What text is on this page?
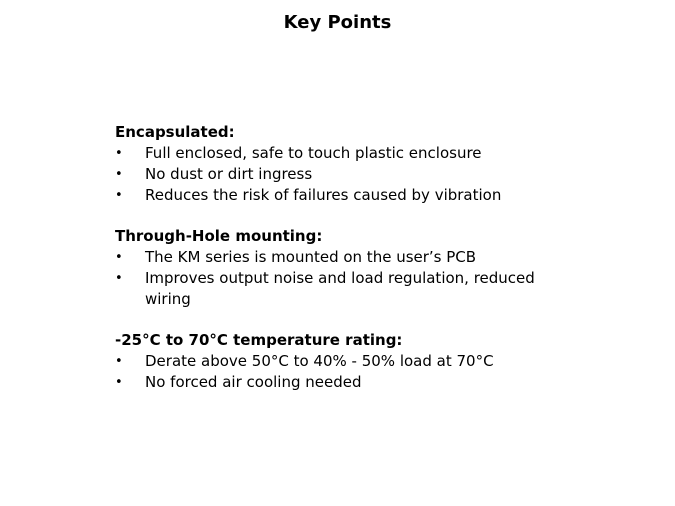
Key Points
Encapsulated:
•	Full enclosed, safe to touch plastic enclosure
•	No dust or dirt ingress
•	Reduces the risk of failures caused by vibration
Through-Hole mounting:
•	The KM series is mounted on the user’s PCB
•	Improves output noise and load regulation, reduced wiring
-25°C to 70°C temperature rating:
•	Derate above 50°C to 40% - 50% load at 70°C
•	No forced air cooling needed
